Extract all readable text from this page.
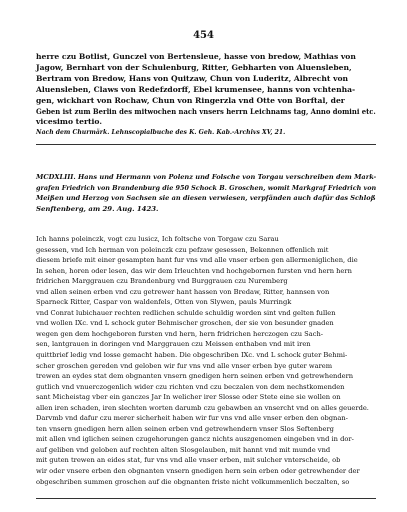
454
herre czu Botlist, Gunczel von Bertensleue, hasse von bredow, Mathias von
Jagow, Bernhart von der Schulenburg, Ritter, Gebharten von Aluensleben,
Bertram von Bredow, Hans von Quitzaw, Chun von Luderitz, Albrecht von
Aluensleben, Claws von Redefzdorff, Ebel krumensee, hanns von vchtenha-
gen, wickhart von Rochaw, Chun von Ringerzla vnd Otte von Borftal, der
Geben ist zum Berlin des mitwochen nach vnsers herrn Leichnams tag, Anno domini etc.
vicesimo tertio.
Nach dem Churmärk. Lehnscopialbuche des K. Geh. Kab.-Archivs XV, 21.
MCDXLIII. Hans und Hermann von Polenz und Folsche von Torgau verschreiben dem Mark-
grafen Friedrich von Brandenburg die 950 Schock B. Groschen, womit Markgraf Friedrich von
Meißen und Herzog von Sachsen sie an diesen verwiesen, verpfänden auch dafür das Schloß
Senftenberg, am 29. Aug. 1423.
Ich hanns poleinczk, vogt czu lusicz, Ich foltsche von Torgaw czu Sarau
gesessen, vnd Ich herman von poleinczk czu pefzaw gesessen, Bekennen offenlich mit
diesem briefe mit einer gesampten hant fur vns vnd alle vnser erben gen allermeniglichen, die
In sehen, horen oder lesen, das wir dem Irleuchten vnd hochgebornen fursten vnd hern hern
fridrichen Marggrauen czu Brandenburg vnd Burggrauen czu Nuremberg
vnd allen seinen erben vnd czu getrewer hant hassen von Bredaw, Ritter, hannsen von
Sparneck Ritter, Caspar von waldenfels, Otten von Slywen, pauls Murringk
vnd Conrat lubichauer rechten redlichen schulde schuldig worden sint vnd gelten fullen
vnd wollen IXc. vnd L schock guter Behmischer groschen, der sie von besunder gnaden
wegen gen dem hochgeboren fursten vnd hern, hern fridrichen herczogen czu Sach-
sen, lantgrauen in doringen vnd Marggrauen czu Meissen enthaben vnd mit iren
quittbrief ledig vnd losse gemacht haben. Die obgeschriben IXc. vnd L schock guter Behmi-
scher groschen gereden vnd geloben wir fur vns vnd alle vnser erben bye guter warem
trewen an eydes stat dem obgnanten vnsern gnedigen hern seinen erben vnd getrewhendern
gutlich vnd vnuerczogenlich wider czu richten vnd czu beczalen von dem nechstkomenden
sant Micheistag vber ein ganczes Jar In welicher irer Slosse oder Stete eine sie wollen on
allen iren schaden, iren slechten worten darumb czu gebawben an vnsercht vnd on alles geuerde.
Darvmb vnd dafur czu merer sicherheit haben wir fur vns vnd alle vnser erben den obgnan-
ten vnsern gnedigen hern allen seinen erben vnd getrewhendern vnser Slos Seftenberg
mit allen vnd iglichen seinen czugehorungen gancz nichts auszgenomen eingeben vnd in dor-
auf geliben vnd geloben auf rechten alten Slosgelauben, mit hannt vnd mit munde vnd
mit guten trewen an eides stat, fur vns vnd alle vnser erben, mit sulcher vnterscheide, ob
wir oder vnsere erben den obgnanten vnsern gnedigen hern sein erben oder getrewhender der
obgeschriben summen groschen auf die obgnanten friste nicht volkummenlich beczalten, so
